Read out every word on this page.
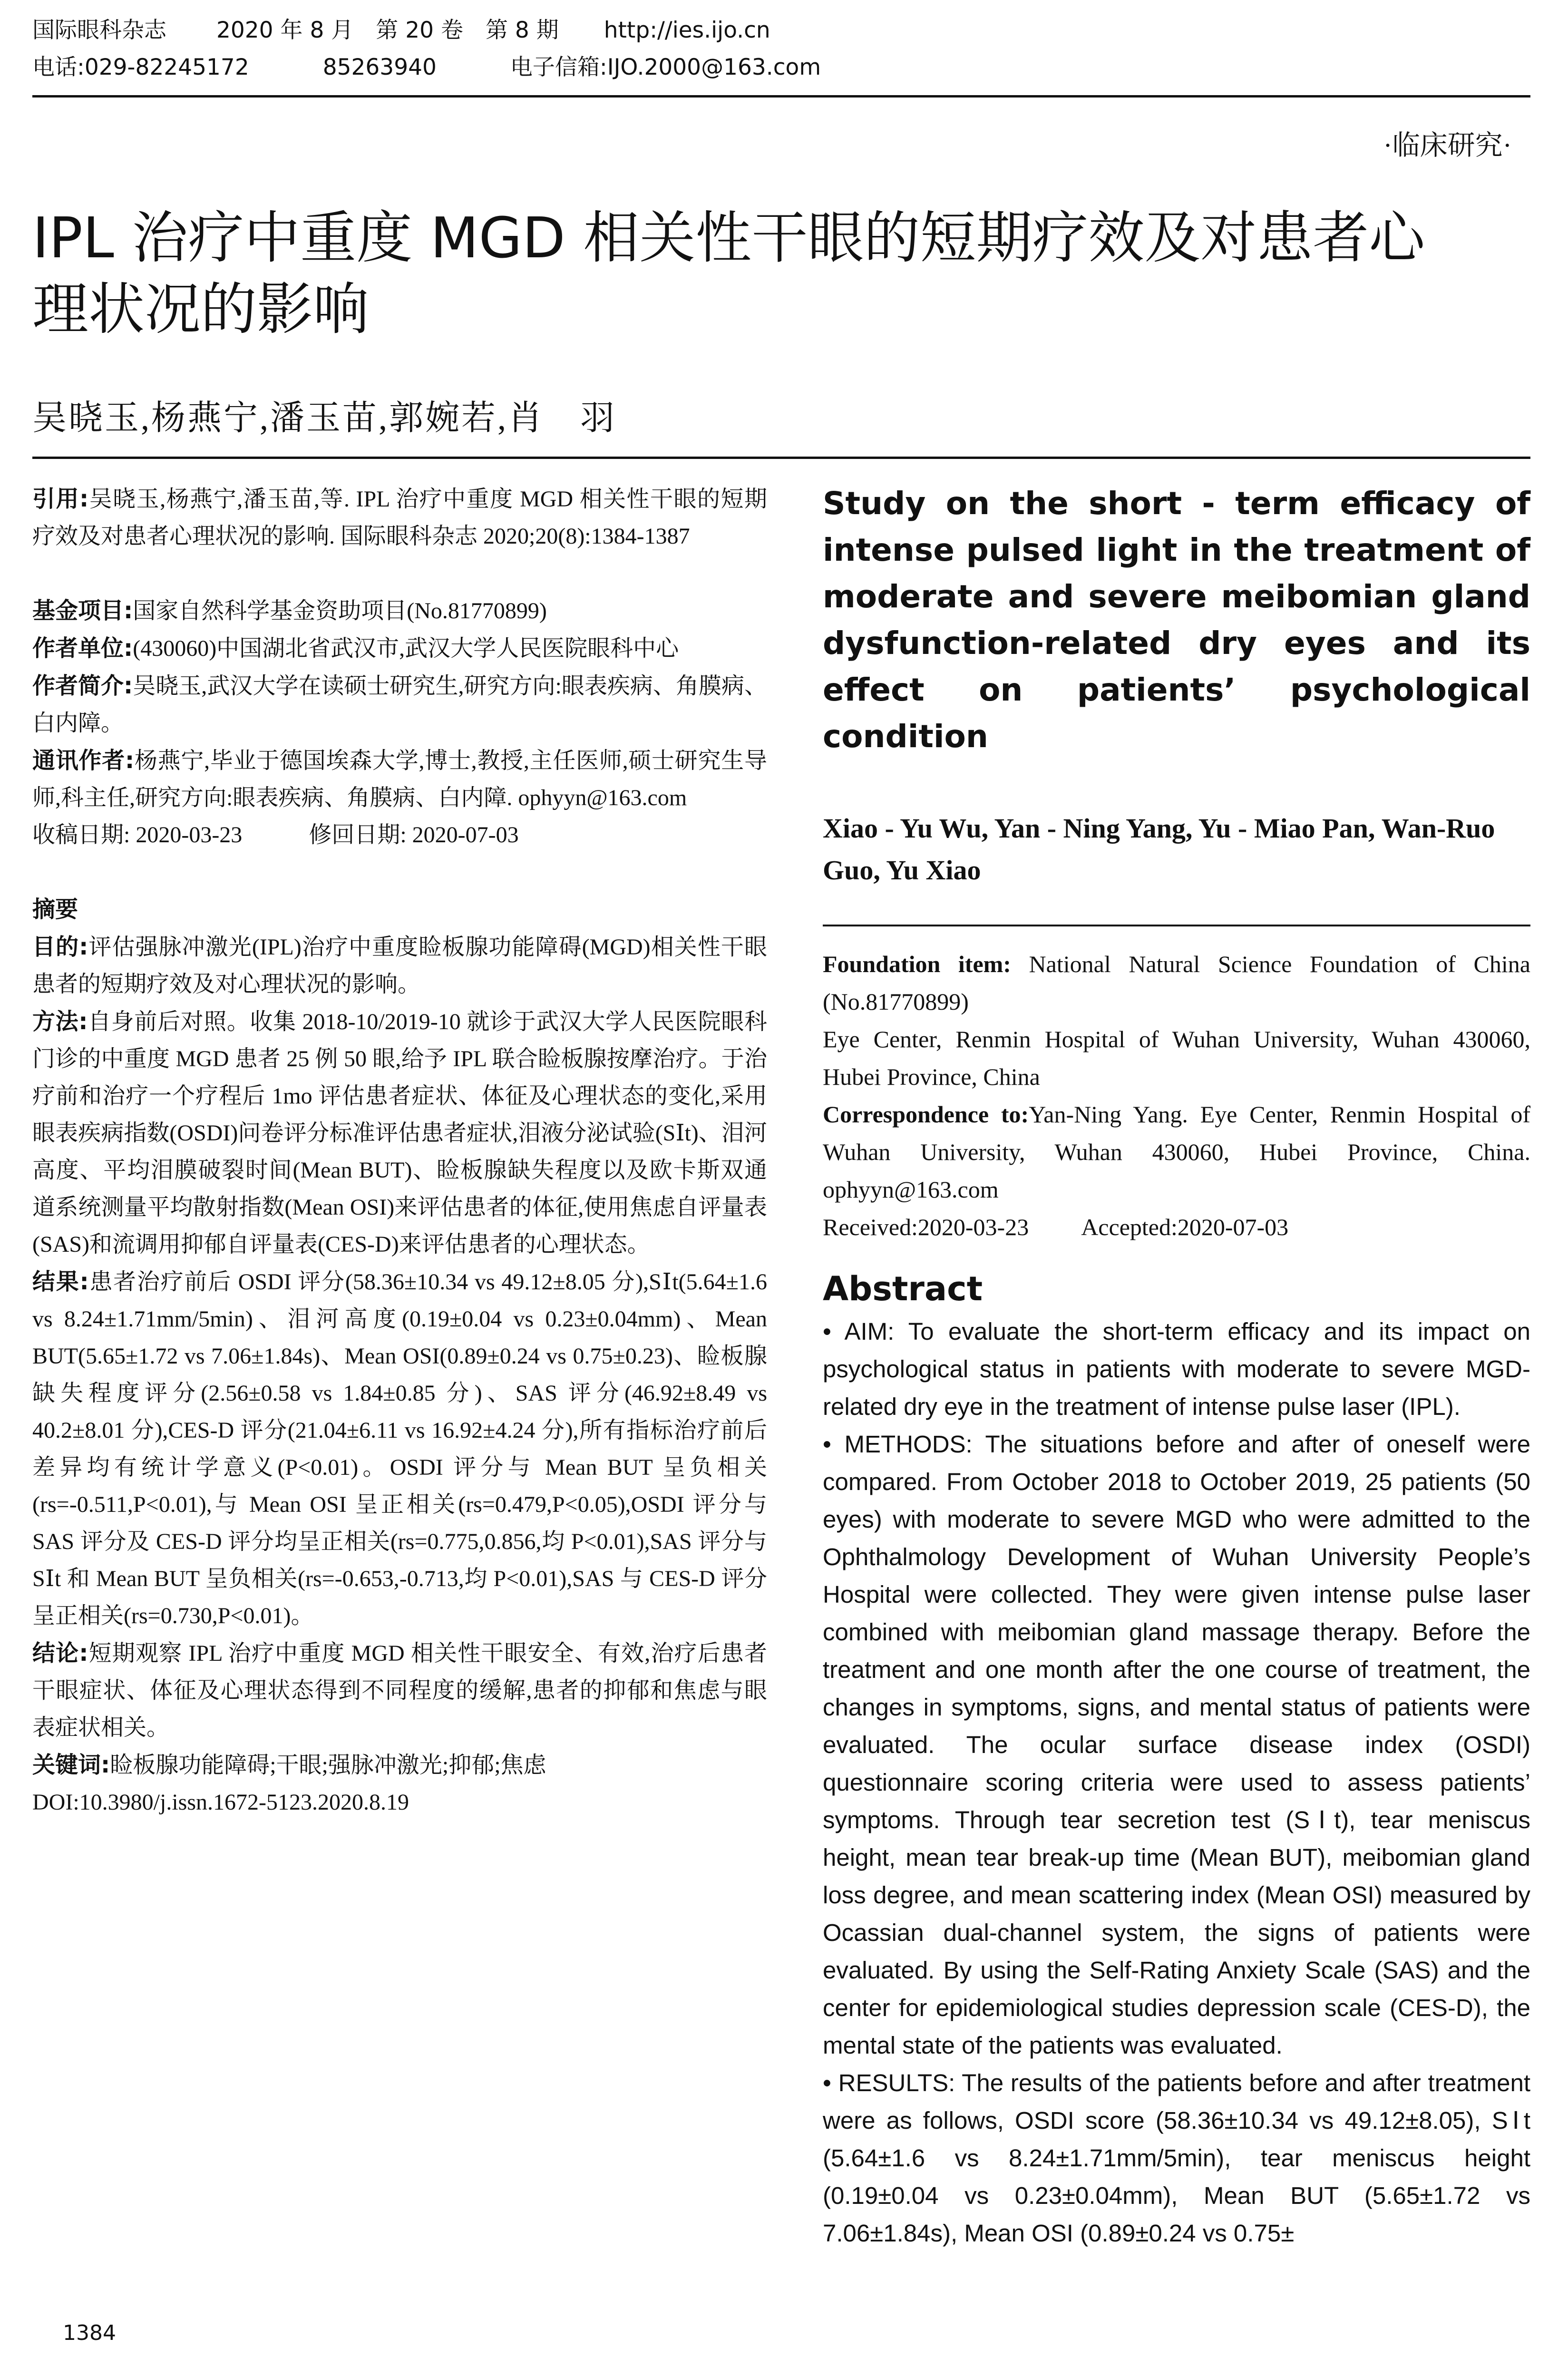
国际眼科杂志 2020 年 8 月　第 20 卷　第 8 期 http://ies.ijo.cn
电话:029-82245172	85263940	电子信箱:IJO.2000@163.com
·临床研究·
IPL 治疗中重度 MGD 相关性干眼的短期疗效及对患者心
理状况的影响
吴晓玉,杨燕宁,潘玉苗,郭婉若,肖　羽

引用:吴晓玉,杨燕宁,潘玉苗,等. IPL 治疗中重度 MGD 相关性干眼的短期疗效及对患者心理状况的影响. 国际眼科杂志 2020;20(8):1384-1387

基金项目:国家自然科学基金资助项目(No.81770899)

作者单位:(430060)中国湖北省武汉市,武汉大学人民医院眼科中心

作者简介:吴晓玉,武汉大学在读硕士研究生,研究方向:眼表疾病、角膜病、白内障。

通讯作者:杨燕宁,毕业于德国埃森大学,博士,教授,主任医师,硕士研究生导师,科主任,研究方向:眼表疾病、角膜病、白内障. ophyyn@163.com

收稿日期: 2020-03-23	修回日期: 2020-07-03

摘要

目的:评估强脉冲激光(IPL)治疗中重度睑板腺功能障碍(MGD)相关性干眼患者的短期疗效及对心理状况的影响。

方法:自身前后对照。收集 2018-10/2019-10 就诊于武汉大学人民医院眼科门诊的中重度 MGD 患者 25 例 50 眼,给予 IPL 联合睑板腺按摩治疗。于治疗前和治疗一个疗程后 1mo 评估患者症状、体征及心理状态的变化,采用眼表疾病指数(OSDI)问卷评分标准评估患者症状,泪液分泌试验(SⅠt)、泪河高度、平均泪膜破裂时间(Mean BUT)、睑板腺缺失程度以及欧卡斯双通道系统测量平均散射指数(Mean OSI)来评估患者的体征,使用焦虑自评量表(SAS)和流调用抑郁自评量表(CES-D)来评估患者的心理状态。

结果:患者治疗前后 OSDI 评分(58.36±10.34 vs 49.12±8.05 分),SⅠt(5.64±1.6 vs 8.24±1.71mm/5min)、泪河高度(0.19±0.04 vs 0.23±0.04mm)、Mean BUT(5.65±1.72 vs 7.06±1.84s)、Mean OSI(0.89±0.24 vs 0.75±0.23)、睑板腺缺失程度评分(2.56±0.58 vs 1.84±0.85 分)、SAS 评分(46.92±8.49 vs 40.2±8.01 分),CES-D 评分(21.04±6.11 vs 16.92±4.24 分),所有指标治疗前后差异均有统计学意义(P<0.01)。OSDI 评分与 Mean BUT 呈负相关(rs=-0.511,P<0.01),与 Mean OSI 呈正相关(rs=0.479,P<0.05),OSDI 评分与 SAS 评分及 CES-D 评分均呈正相关(rs=0.775,0.856,均 P<0.01),SAS 评分与 SⅠt 和 Mean BUT 呈负相关(rs=-0.653,-0.713,均 P<0.01),SAS 与 CES-D 评分呈正相关(rs=0.730,P<0.01)。

结论:短期观察 IPL 治疗中重度 MGD 相关性干眼安全、有效,治疗后患者干眼症状、体征及心理状态得到不同程度的缓解,患者的抑郁和焦虑与眼表症状相关。

关键词:睑板腺功能障碍;干眼;强脉冲激光;抑郁;焦虑

DOI:10.3980/j.issn.1672-5123.2020.8.19

Study on the short - term efficacy of intense pulsed light in the treatment of moderate and severe meibomian gland dysfunction-related dry eyes and its effect on patients’ psychological condition
Xiao - Yu Wu, Yan - Ning Yang, Yu - Miao Pan, Wan-Ruo Guo, Yu Xiao

Foundation item: National Natural Science Foundation of China (No.81770899)

Eye Center, Renmin Hospital of Wuhan University, Wuhan 430060, Hubei Province, China

Correspondence to:Yan-Ning Yang. Eye Center, Renmin Hospital of Wuhan University, Wuhan 430060, Hubei Province, China. ophyyn@163.com

Received:2020-03-23 Accepted:2020-07-03

Abstract

• AIM: To evaluate the short-term efficacy and its impact on psychological status in patients with moderate to severe MGD-related dry eye in the treatment of intense pulse laser (IPL).

• METHODS: The situations before and after of oneself were compared. From October 2018 to October 2019, 25 patients (50 eyes) with moderate to severe MGD who were admitted to the Ophthalmology Development of Wuhan University People’s Hospital were collected. They were given intense pulse laser combined with meibomian gland massage therapy. Before the treatment and one month after the one course of treatment, the changes in symptoms, signs, and mental status of patients were evaluated. The ocular surface disease index (OSDI) questionnaire scoring criteria were used to assess patients’ symptoms. Through tear secretion test (SⅠt), tear meniscus height, mean tear break-up time (Mean BUT), meibomian gland loss degree, and mean scattering index (Mean OSI) measured by Ocassian dual-channel system, the signs of patients were evaluated. By using the Self-Rating Anxiety Scale (SAS) and the center for epidemiological studies depression scale (CES-D), the mental state of the patients was evaluated.

• RESULTS: The results of the patients before and after treatment were as follows, OSDI score (58.36±10.34 vs 49.12±8.05), SⅠt (5.64±1.6 vs 8.24±1.71mm/5min), tear meniscus height (0.19±0.04 vs 0.23±0.04mm), Mean BUT (5.65±1.72 vs 7.06±1.84s), Mean OSI (0.89±0.24 vs 0.75±

1384
